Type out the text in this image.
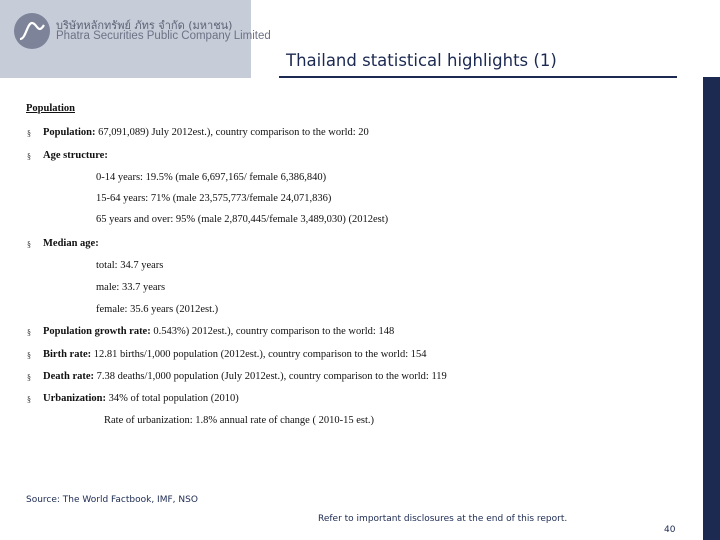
บริษัทหลักทรัพย์ ภัทร จำกัด (มหาชน)
Phatra Securities Public Company Limited
Thailand statistical highlights (1)
Population
§ Population: 67,091,089) July 2012est.), country comparison to the world: 20
§ Age structure:
0-14 years: 19.5% (male 6,697,165/ female 6,386,840)
15-64 years: 71% (male 23,575,773/female 24,071,836)
65 years and over: 95% (male 2,870,445/female 3,489,030) (2012est)
§ Median age:
total: 34.7 years
male: 33.7 years
female: 35.6 years (2012est.)
§ Population growth rate: 0.543%) 2012est.), country comparison to the world: 148
§ Birth rate: 12.81 births/1,000 population (2012est.), country comparison to the world: 154
§ Death rate: 7.38 deaths/1,000 population (July 2012est.), country comparison to the world: 119
§ Urbanization: 34% of total population (2010)
Rate of urbanization: 1.8% annual rate of change ( 2010-15 est.)
Source: The World Factbook, IMF, NSO
Refer to important disclosures at the end of this report.
40
